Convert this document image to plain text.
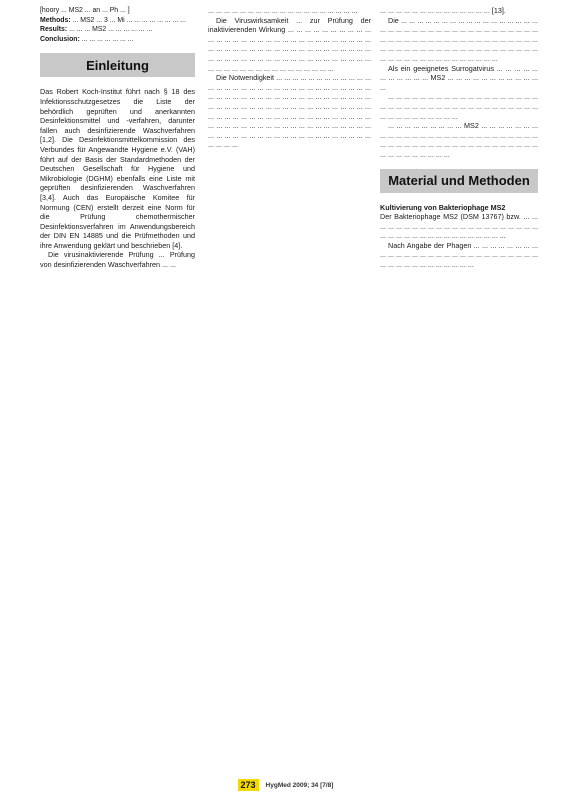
[hoory ... MS2 ... an ... Ph ... ]

Methods: ... MS2 ... 3 ... Mi ... ... ... ... ... ... ... ...

Results: ... ... ... MS2 ... ... ... ... ... ...

Conclusion: ... ... ... ... ... ... ...

Einleitung

Das Robert Koch-Institut führt nach § 18 des Infektionsschutzgesetzes die Liste der behördlich geprüften und anerkannten Desinfektionsmittel und -verfahren, darunter fallen auch desinfizierende Waschverfahren [1,2]. Die Desinfektionsmittelkommission des Verbundes für Angewandte Hygiene e.V. (VAH) führt auf der Basis der Standardmethoden der Deutschen Gesellschaft für Hygiene und Mikrobiologie (DGHM) ebenfalls eine Liste mit geprüften desinfizierenden Waschverfahren [3,4]. Auch das Europäische Komitee für Normung (CEN) erstellt derzeit eine Norm für die Prüfung chemothermischer Desinfektionsverfahren im Anwendungsbereich der DIN EN 14885 und die Prüfmethoden und ihre Anwendung geklärt und beschrieben [4].

Die virusinaktivierende Prüfung ... Prüfung von desinfizierenden Waschverfahren ... ...

... ... ... ... ... ... ... ... ... ... ... ... ... ... ... ... ... ... ...

Die Viruswirksamkeit ... zur Prüfung der inaktivierenden Wirkung ... ... ... ... ... ... ... ... ... ... ... ... ... ... ... ... ... ... ... ... ... ... ... ... ... ... ... ... ... ... ... ... ... ... ... ... ... ... ... ... ... ... ... ... ... ... ... ... ... ... ... ... ... ... ... ... ... ... ... ... ... ... ... ... ... ... ... ... ... ... ... ... ... ... ... ... ... ... ... ... ... ... ... ... ... ...

Die Notwendigkeit ... ... ... ... ... ... ... ... ... ... ... ... ... ... ... ... ... ... ... ... ... ... ... ... ... ... ... ... ... ... ... ... ... ... ... ... ... ... ... ... ... ... ... ... ... ... ... ... ... ... ... ... ... ... ... ... ... ... ... ... ... ... ... ... ... ... ... ... ... ... ... ... ... ... ... ... ... ... ... ... ... ... ... ... ... ... ... ... ... ... ... ... ... ... ... ... ... ... ... ... ... ... ... ... ... ... ... ... ... ... ... ... ... ... ... ... ... ... ... ... ... ... ... ... ... ... ... ... ... ... ... ... ... ... ... ...

... ... ... ... ... ... ... ... ... ... ... ... ... ... [13].

Die ... ... ... ... ... ... ... ... ... ... ... ... ... ... ... ... ... ... ... ... ... ... ... ... ... ... ... ... ... ... ... ... ... ... ... ... ... ... ... ... ... ... ... ... ... ... ... ... ... ... ... ... ... ... ... ... ... ... ... ... ... ... ... ... ... ... ... ... ... ... ... ... ... ... ... ... ... ... ... ... ... ... ... ... ... ... ... ... ... ... ... ...

Als ein geeignetes Surrogatvirus ... ... ... ... ... ... ... ... ... ... ... MS2 ... ... ... ... ... ... ... ... ... ... ... ...

... ... ... ... ... ... ... ... ... ... ... ... ... ... ... ... ... ... ... ... ... ... ... ... ... ... ... ... ... ... ... ... ... ... ... ... ... ... ... ... ... ... ... ... ... ... ... ... ...

... ... ... ... ... ... ... ... ... MS2 ... ... ... ... ... ... ... ... ... ... ... ... ... ... ... ... ... ... ... ... ... ... ... ... ... ... ... ... ... ... ... ... ... ... ... ... ... ... ... ... ... ... ... ... ... ... ... ... ... ... ... ... ... ... ... ...

Material und Methoden
Kultivierung von Bakteriophage MS2

Der Bakteriophage MS2 (DSM 13767) bzw. ... ... ... ... ... ... ... ... ... ... ... ... ... ... ... ... ... ... ... ... ... ... ... ... ... ... ... ... ... ... ... ... ... ... ... ... ... ...

Nach Angabe der Phagen ... ... ... ... ... ... ... ... ... ... ... ... ... ... ... ... ... ... ... ... ... ... ... ... ... ... ... ... ... ... ... ... ... ... ... ... ... ... ... ...

273	HygMed 2009; 34 [7/8]
